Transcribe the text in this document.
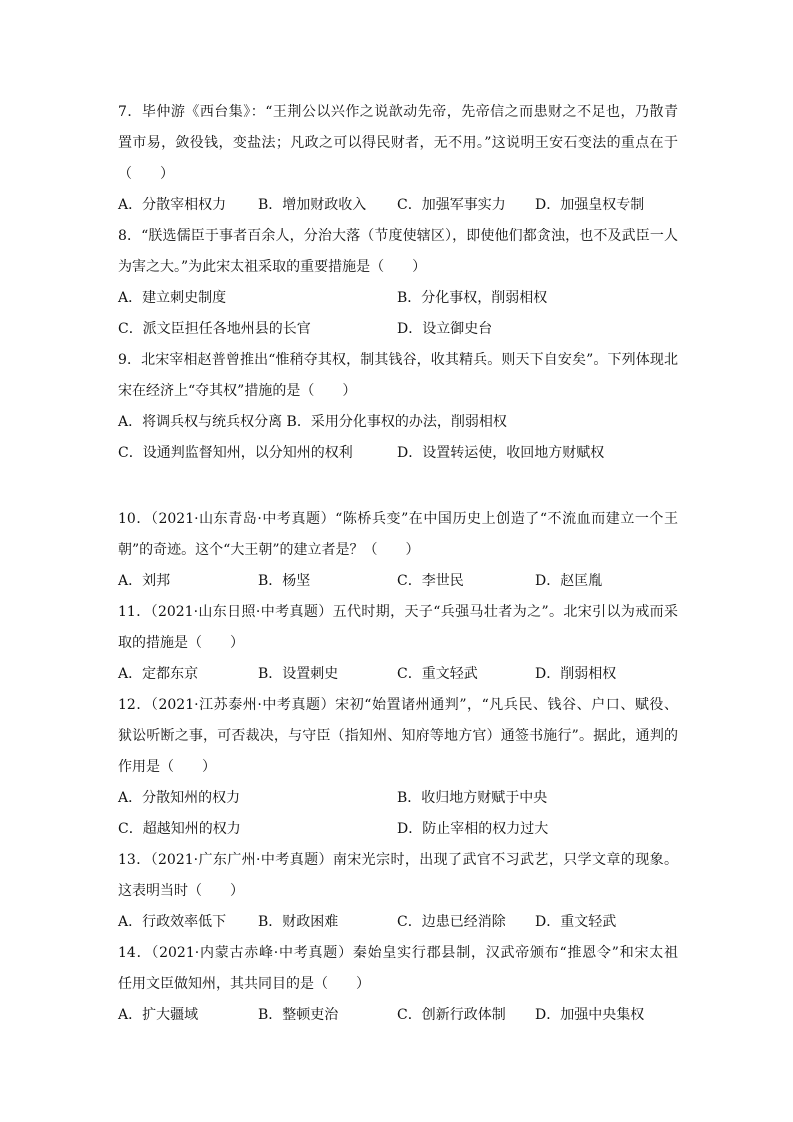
7．毕仲游《西台集》：“王荆公以兴作之说歆动先帝，先帝信之而患财之不足也，乃散青
置市易，敛役钱，变盐法；凡政之可以得民财者，无不用。”这说明王安石变法的重点在于
（　　）
A．分散宰相权力 B．增加财政收入 C．加强军事实力 D．加强皇权专制
8．“朕选儒臣于事者百余人，分治大落（节度使辖区），即使他们都贪浊，也不及武臣一人
为害之大。”为此宋太祖采取的重要措施是（　　）
A．建立刺史制度	B．分化事权，削弱相权
C．派文臣担任各地州县的长官	D．设立御史台
9．北宋宰相赵普曾推出“惟稍夺其权，制其钱谷，收其精兵。则天下自安矣”。下列体现北
宋在经济上“夺其权”措施的是（　　）
A．将调兵权与统兵权分离 B．采用分化事权的办法，削弱相权
C．设通判监督知州，以分知州的权利	D．设置转运使，收回地方财赋权
10．（2021·山东青岛·中考真题）“陈桥兵变”在中国历史上创造了“不流血而建立一个王
朝”的奇迹。这个“大王朝”的建立者是？（　　）
A．刘邦	B．杨坚	C．李世民	D．赵匡胤
11．（2021·山东日照·中考真题）五代时期，天子“兵强马壮者为之”。北宋引以为戒而采
取的措施是（　　）
A．定都东京	B．设置刺史	C．重文轻武	D．削弱相权
12．（2021·江苏泰州·中考真题）宋初“始置诸州通判”，“凡兵民、钱谷、户口、赋役、
狱讼听断之事，可否裁决，与守臣（指知州、知府等地方官）通签书施行”。据此，通判的
作用是（　　）
A．分散知州的权力	B．收归地方财赋于中央
C．超越知州的权力	D．防止宰相的权力过大
13．（2021·广东广州·中考真题）南宋光宗时，出现了武官不习武艺，只学文章的现象。
这表明当时（　　）
A．行政效率低下 B．财政困难	C．边患已经消除 D．重文轻武
14．（2021·内蒙古赤峰·中考真题）秦始皇实行郡县制，汉武帝颁布“推恩令”和宋太祖
任用文臣做知州，其共同目的是（　　）
A．扩大疆域	B．整顿吏治	C．创新行政体制 D．加强中央集权
